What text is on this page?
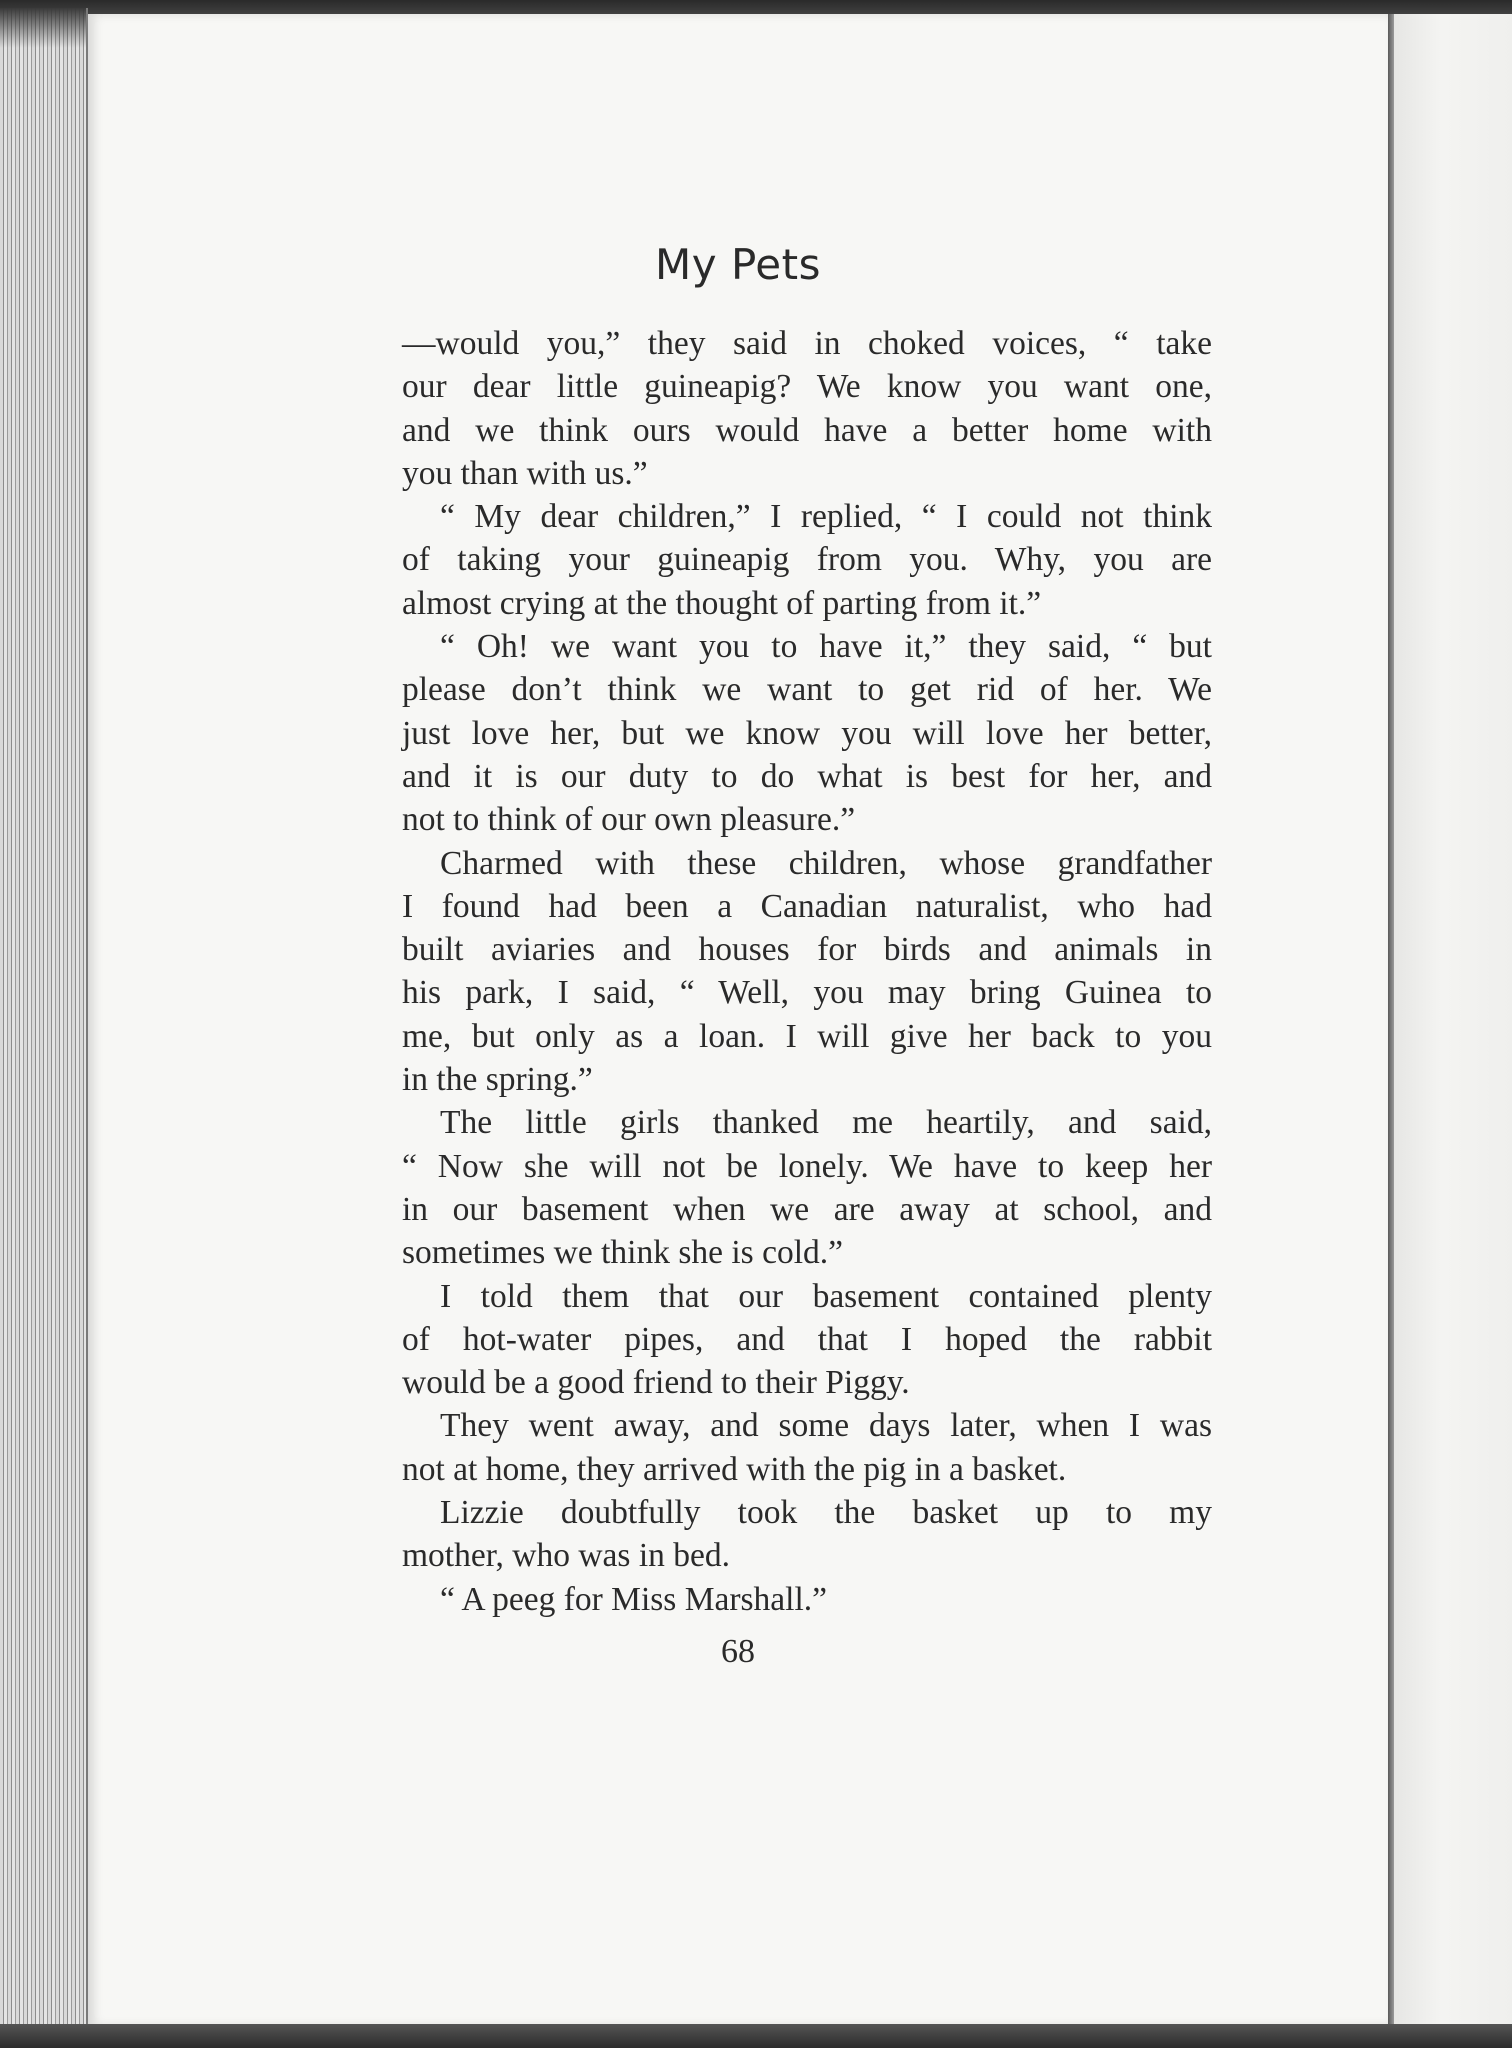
My Pets
—would you,” they said in choked voices, “ take
our dear little guineapig? We know you want one,
and we think ours would have a better home with
you than with us.”
“ My dear children,” I replied, “ I could not think
of taking your guineapig from you. Why, you are
almost crying at the thought of parting from it.”
“ Oh! we want you to have it,” they said, “ but
please don’t think we want to get rid of her. We
just love her, but we know you will love her better,
and it is our duty to do what is best for her, and
not to think of our own pleasure.”
Charmed with these children, whose grandfather
I found had been a Canadian naturalist, who had
built aviaries and houses for birds and animals in
his park, I said, “ Well, you may bring Guinea to
me, but only as a loan. I will give her back to you
in the spring.”
The little girls thanked me heartily, and said,
“ Now she will not be lonely. We have to keep her
in our basement when we are away at school, and
sometimes we think she is cold.”
I told them that our basement contained plenty
of hot-water pipes, and that I hoped the rabbit
would be a good friend to their Piggy.
They went away, and some days later, when I was
not at home, they arrived with the pig in a basket.
Lizzie doubtfully took the basket up to my
mother, who was in bed.
“ A peeg for Miss Marshall.”
68
